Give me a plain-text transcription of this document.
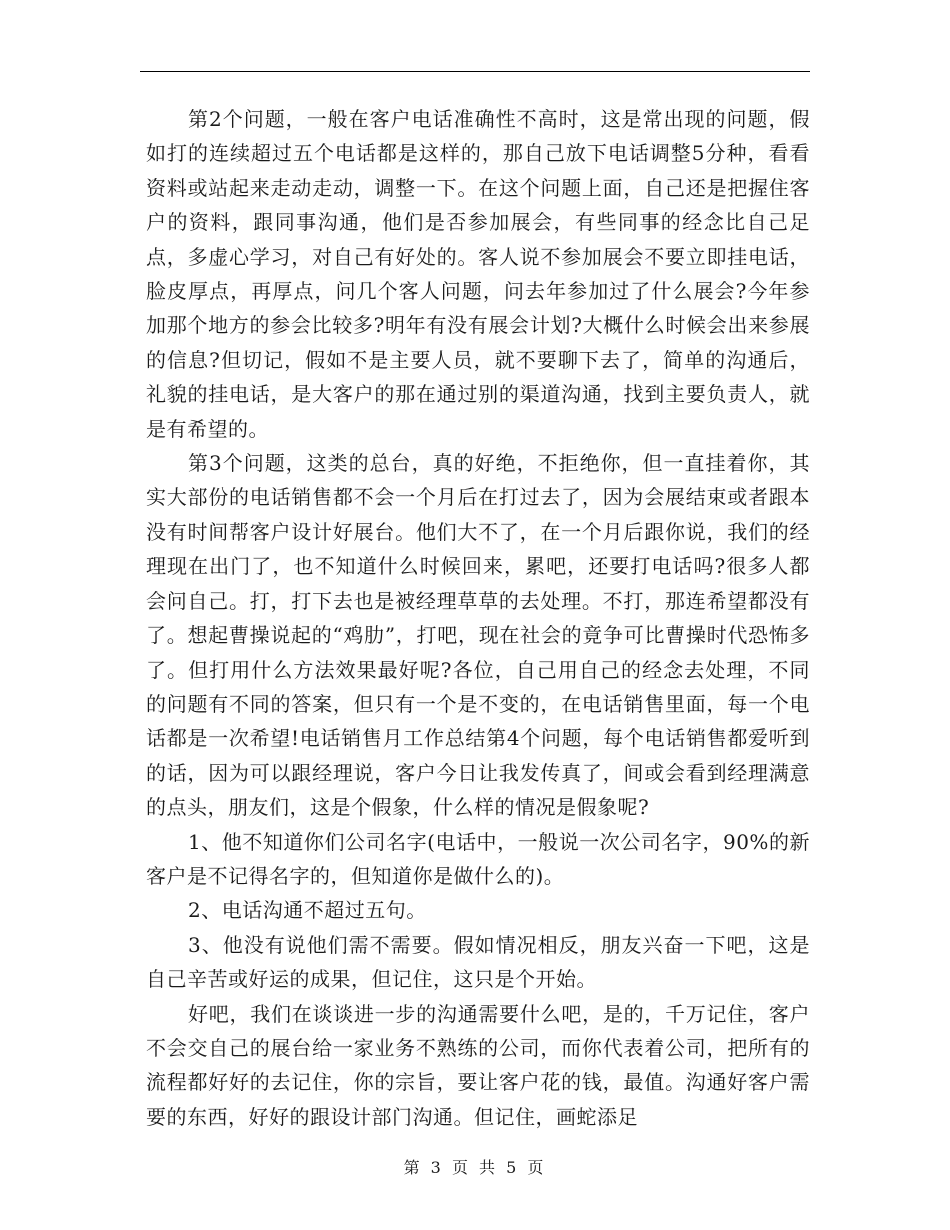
第2个问题，一般在客户电话准确性不高时，这是常出现的问题，假如打的连续超过五个电话都是这样的，那自己放下电话调整5分种，看看资料或站起来走动走动，调整一下。在这个问题上面，自己还是把握住客户的资料，跟同事沟通，他们是否参加展会，有些同事的经念比自己足点，多虚心学习，对自己有好处的。客人说不参加展会不要立即挂电话，脸皮厚点，再厚点，问几个客人问题，问去年参加过了什么展会?今年参加那个地方的参会比较多?明年有没有展会计划?大概什么时候会出来参展的信息?但切记，假如不是主要人员，就不要聊下去了，简单的沟通后，礼貌的挂电话，是大客户的那在通过别的渠道沟通，找到主要负责人，就是有希望的。

第3个问题，这类的总台，真的好绝，不拒绝你，但一直挂着你，其实大部份的电话销售都不会一个月后在打过去了，因为会展结束或者跟本没有时间帮客户设计好展台。他们大不了，在一个月后跟你说，我们的经理现在出门了，也不知道什么时候回来，累吧，还要打电话吗?很多人都会问自己。打，打下去也是被经理草草的去处理。不打，那连希望都没有了。想起曹操说起的“鸡肋”，打吧，现在社会的竟争可比曹操时代恐怖多了。但打用什么方法效果最好呢?各位，自己用自己的经念去处理，不同的问题有不同的答案，但只有一个是不变的，在电话销售里面，每一个电话都是一次希望!电话销售月工作总结第4个问题，每个电话销售都爱听到的话，因为可以跟经理说，客户今日让我发传真了，间或会看到经理满意的点头，朋友们，这是个假象，什么样的情况是假象呢?

1、他不知道你们公司名字(电话中，一般说一次公司名字，90%的新客户是不记得名字的，但知道你是做什么的)。

2、电话沟通不超过五句。

3、他没有说他们需不需要。假如情况相反，朋友兴奋一下吧，这是自己辛苦或好运的成果，但记住，这只是个开始。

好吧，我们在谈谈进一步的沟通需要什么吧，是的，千万记住，客户不会交自己的展台给一家业务不熟练的公司，而你代表着公司，把所有的流程都好好的去记住，你的宗旨，要让客户花的钱，最值。沟通好客户需要的东西，好好的跟设计部门沟通。但记住，画蛇添足

第 3 页 共 5 页
